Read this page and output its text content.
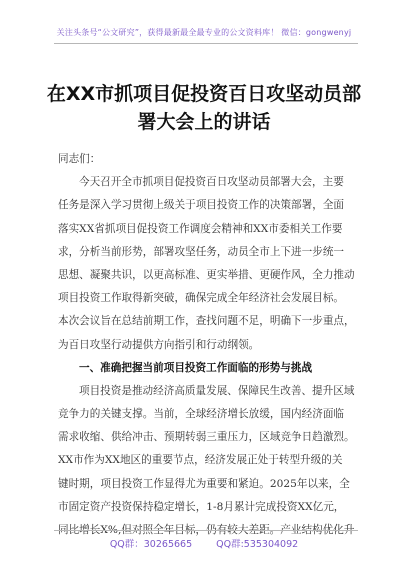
关注头条号“公文研究”，获得最新最全最专业的公文资料库！ 微信：gongwenyj
在XX市抓项目促投资百日攻坚动员部
署大会上的讲话
同志们：
今天召开全市抓项目促投资百日攻坚动员部署大会，主要
任务是深入学习贯彻上级关于项目投资工作的决策部署，全面
落实XX省抓项目促投资工作调度会精神和XX市委相关工作要
求，分析当前形势，部署攻坚任务，动员全市上下进一步统一
思想、凝聚共识，以更高标准、更实举措、更硬作风，全力推动
项目投资工作取得新突破，确保完成全年经济社会发展目标。
本次会议旨在总结前期工作，查找问题不足，明确下一步重点，
为百日攻坚行动提供方向指引和行动纲领。
一、准确把握当前项目投资工作面临的形势与挑战
项目投资是推动经济高质量发展、保障民生改善、提升区域
竞争力的关键支撑。当前，全球经济增长放缓，国内经济面临
需求收缩、供给冲击、预期转弱三重压力，区域竞争日趋激烈。
XX市作为XX地区的重要节点，经济发展正处于转型升级的关
键时期，项目投资工作显得尤为重要和紧迫。2025年以来，全
市固定资产投资保持稳定增长，1-8月累计完成投资XX亿元，
同比增长X%,但对照全年目标，仍有较大差距。产业结构优化升
QQ群：30265665	QQ群:535304092
